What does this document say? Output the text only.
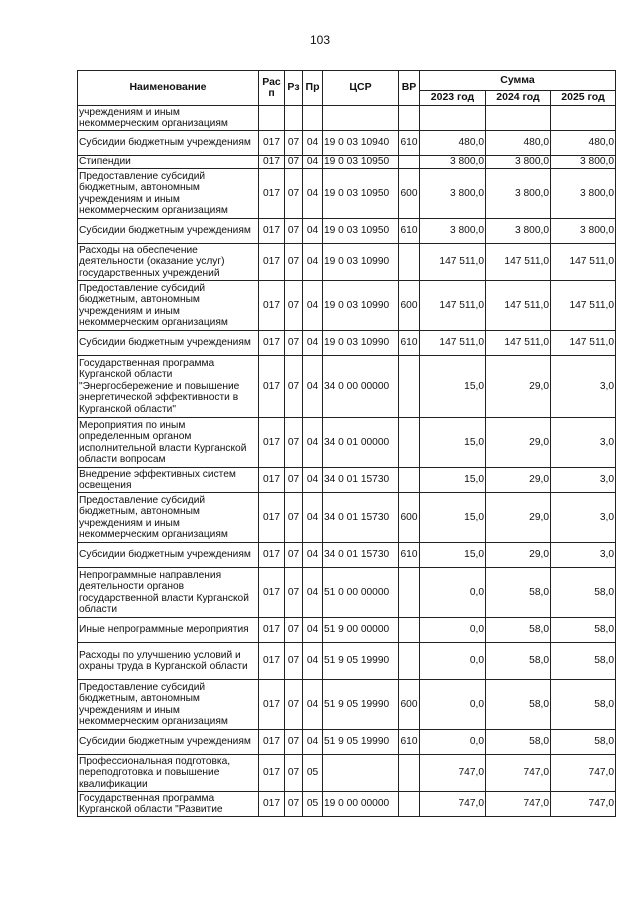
103
Наименование	Рас п	Рз	Пр	ЦСР	ВР	Сумма		
						2023 год	2024 год	2025 год
учреждениям и иным некоммерческим организациям								
Субсидии бюджетным учреждениям	017	07	04	19 0 03 10940	610	480,0	480,0	480,0
Стипендии	017	07	04	19 0 03 10950		3 800,0	3 800,0	3 800,0
Предоставление субсидий бюджетным, автономным учреждениям и иным некоммерческим организациям	017	07	04	19 0 03 10950	600	3 800,0	3 800,0	3 800,0
Субсидии бюджетным учреждениям	017	07	04	19 0 03 10950	610	3 800,0	3 800,0	3 800,0
Расходы на обеспечение деятельности (оказание услуг) государственных учреждений	017	07	04	19 0 03 10990		147 511,0	147 511,0	147 511,0
Предоставление субсидий бюджетным, автономным учреждениям и иным некоммерческим организациям	017	07	04	19 0 03 10990	600	147 511,0	147 511,0	147 511,0
Субсидии бюджетным учреждениям	017	07	04	19 0 03 10990	610	147 511,0	147 511,0	147 511,0
Государственная программа Курганской области "Энергосбережение и повышение энергетической эффективности в Курганской области"	017	07	04	34 0 00 00000		15,0	29,0	3,0
Мероприятия по иным определенным органом исполнительной власти Курганской области вопросам	017	07	04	34 0 01 00000		15,0	29,0	3,0
Внедрение эффективных систем освещения	017	07	04	34 0 01 15730		15,0	29,0	3,0
Предоставление субсидий бюджетным, автономным учреждениям и иным некоммерческим организациям	017	07	04	34 0 01 15730	600	15,0	29,0	3,0
Субсидии бюджетным учреждениям	017	07	04	34 0 01 15730	610	15,0	29,0	3,0
Непрограммные направления деятельности органов государственной власти Курганской области	017	07	04	51 0 00 00000		0,0	58,0	58,0
Иные непрограммные мероприятия	017	07	04	51 9 00 00000		0,0	58,0	58,0
Расходы по улучшению условий и охраны труда в Курганской области	017	07	04	51 9 05 19990		0,0	58,0	58,0
Предоставление субсидий бюджетным, автономным учреждениям и иным некоммерческим организациям	017	07	04	51 9 05 19990	600	0,0	58,0	58,0
Субсидии бюджетным учреждениям	017	07	04	51 9 05 19990	610	0,0	58,0	58,0
Профессиональная подготовка, переподготовка и повышение квалификации	017	07	05			747,0	747,0	747,0
Государственная программа Курганской области "Развитие	017	07	05	19 0 00 00000		747,0	747,0	747,0
